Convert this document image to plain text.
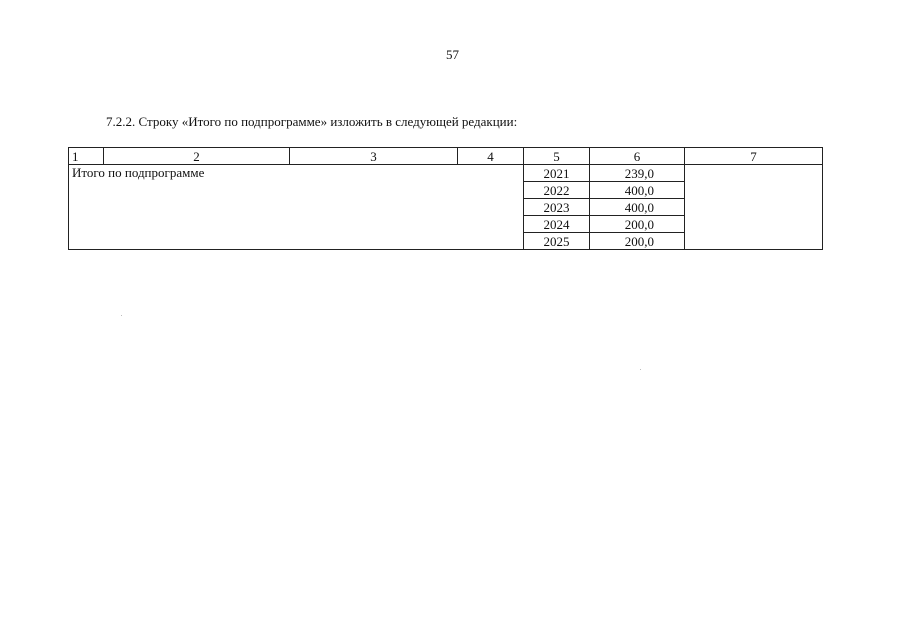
57
7.2.2. Строку «Итого по подпрограмме» изложить в следующей редакции:
1	2	3	4	5	6	7
Итого по подпрограмме				2021	239,0	
				2022	400,0	
				2023	400,0	
				2024	200,0	
				2025	200,0	
